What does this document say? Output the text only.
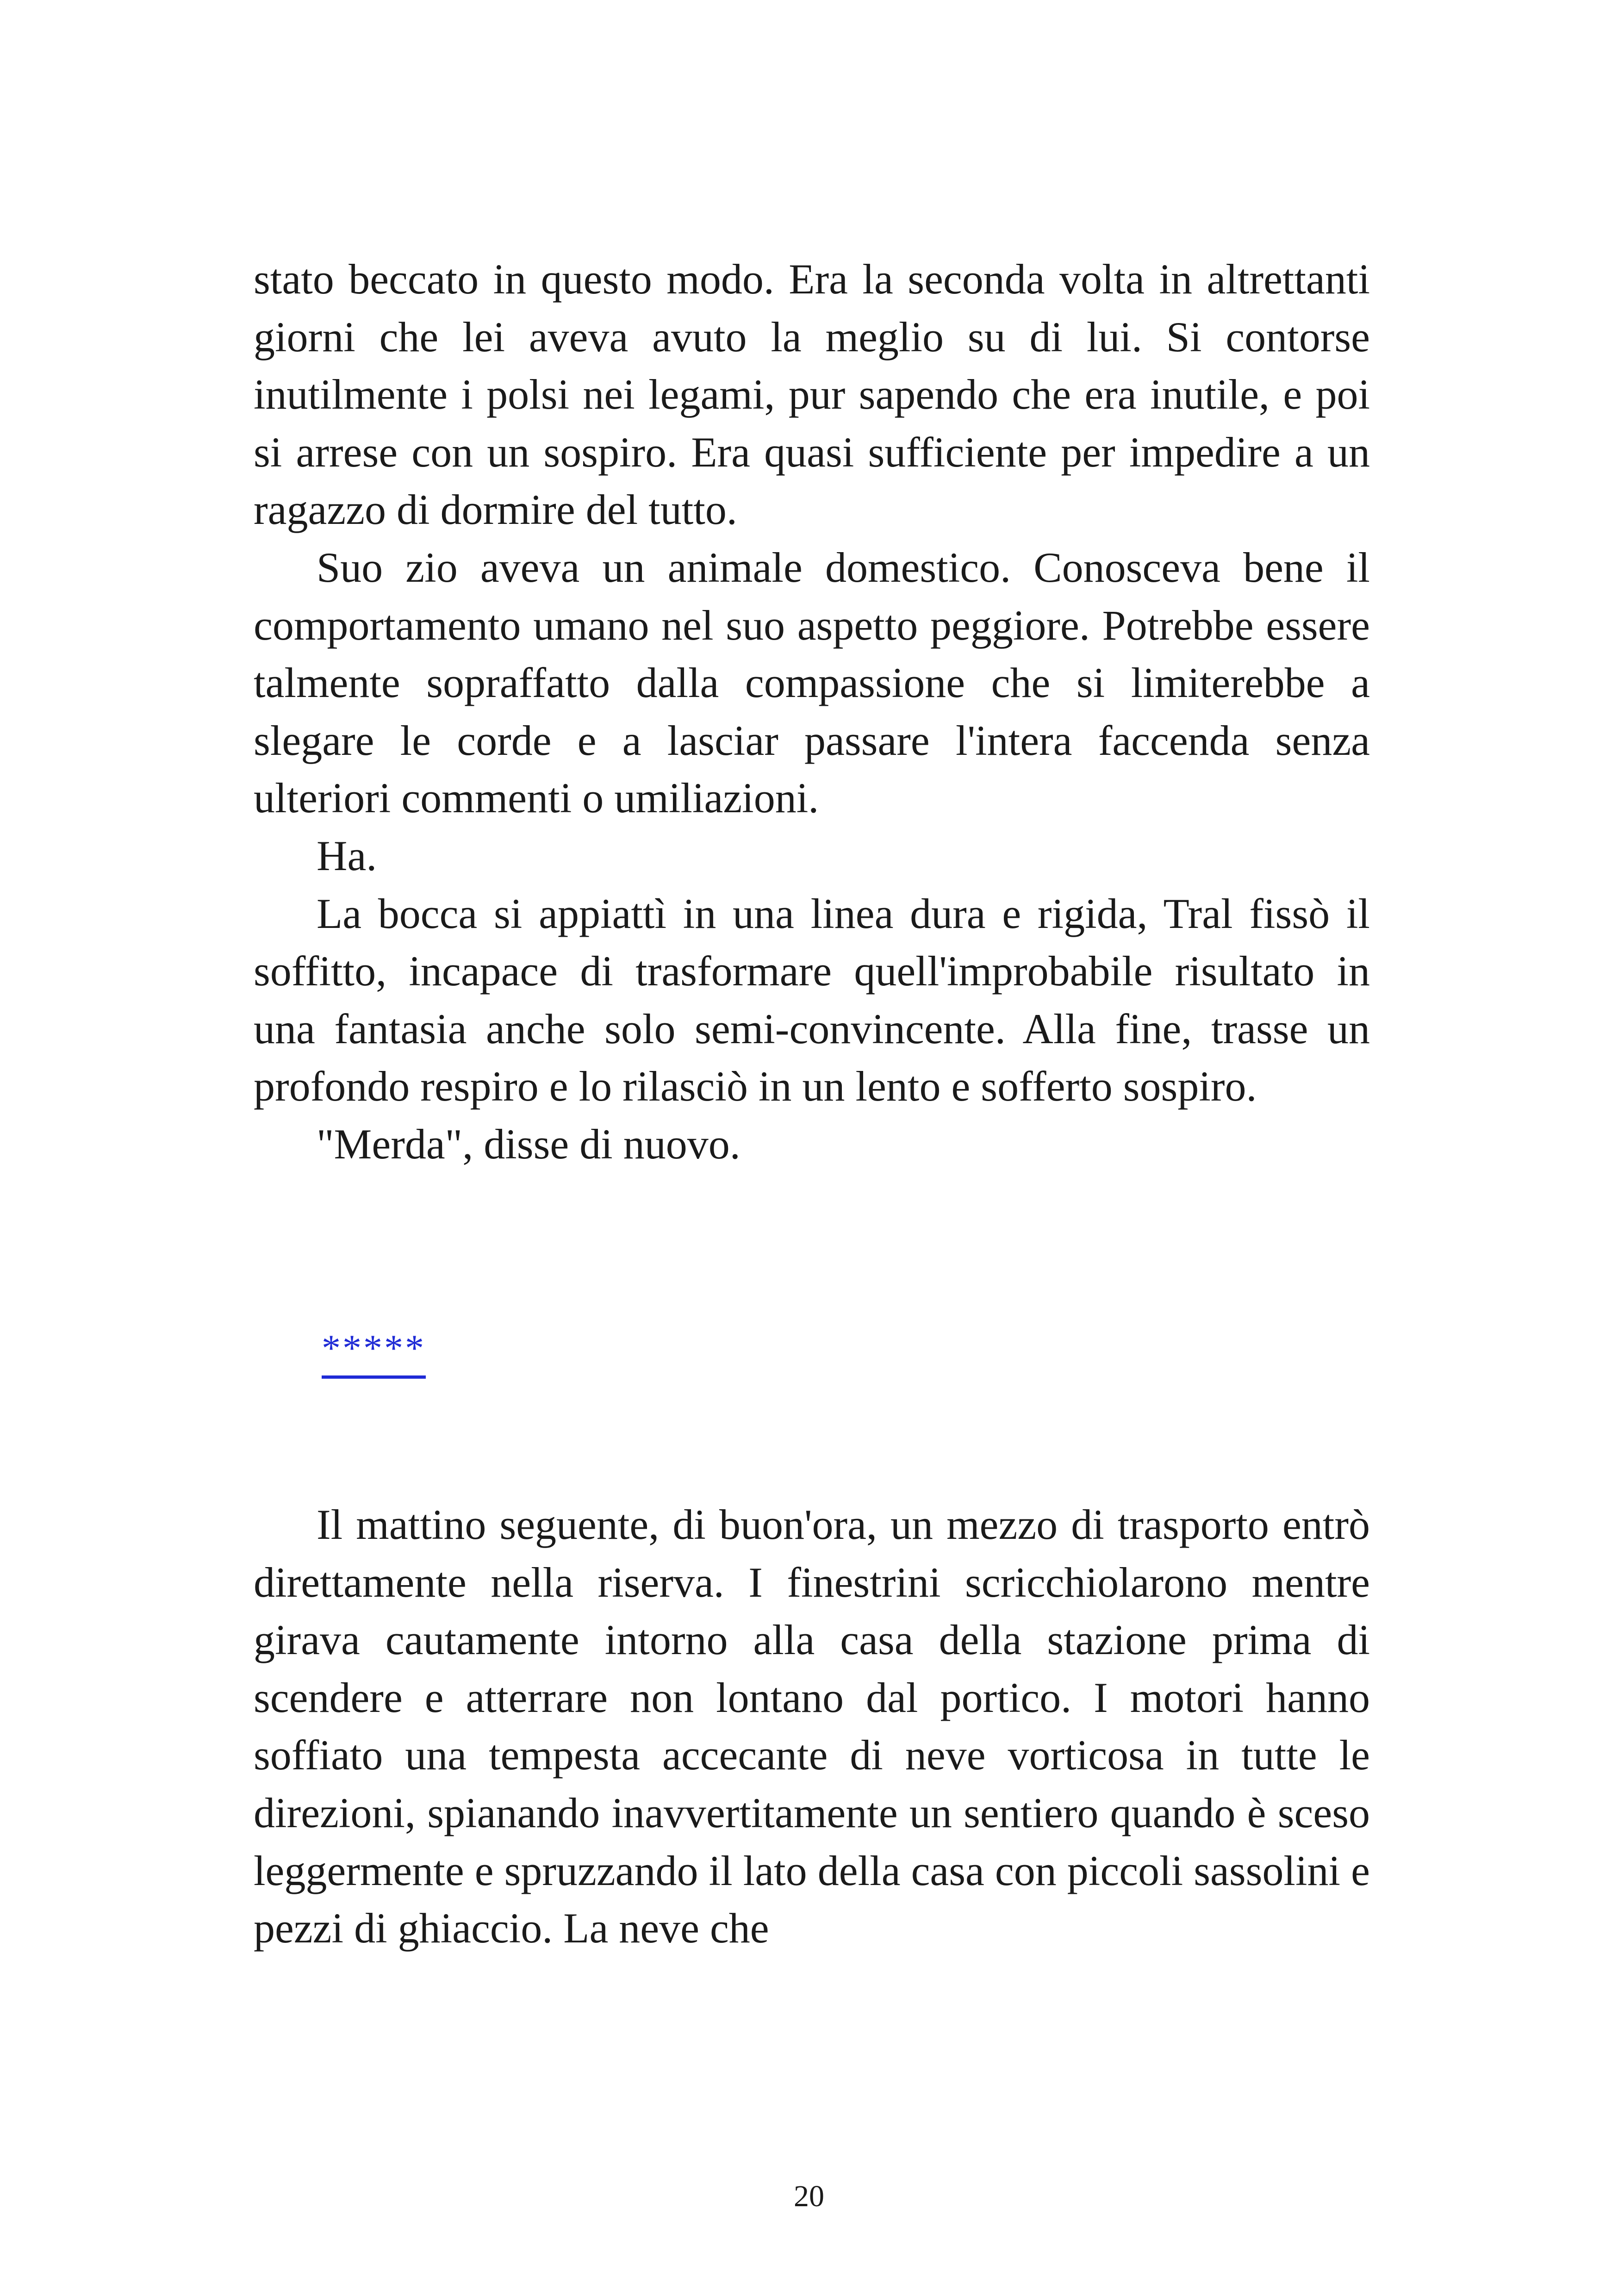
stato beccato in questo modo. Era la seconda volta in altrettanti giorni che lei aveva avuto la meglio su di lui. Si contorse inutilmente i polsi nei legami, pur sapendo che era inutile, e poi si arrese con un sospiro. Era quasi sufficiente per impedire a un ragazzo di dormire del tutto.

Suo zio aveva un animale domestico. Conosceva bene il comportamento umano nel suo aspetto peggiore. Potrebbe essere talmente sopraffatto dalla compassione che si limiterebbe a slegare le corde e a lasciar passare l'intera faccenda senza ulteriori commenti o umiliazioni.

Ha.

La bocca si appiattì in una linea dura e rigida, Tral fissò il soffitto, incapace di trasformare quell'improbabile risultato in una fantasia anche solo semi-convincente. Alla fine, trasse un profondo respiro e lo rilasciò in un lento e sofferto sospiro.

"Merda", disse di nuovo.

*****

Il mattino seguente, di buon'ora, un mezzo di trasporto entrò direttamente nella riserva. I finestrini scricchiolarono mentre girava cautamente intorno alla casa della stazione prima di scendere e atterrare non lontano dal portico. I motori hanno soffiato una tempesta accecante di neve vorticosa in tutte le direzioni, spianando inavvertitamente un sentiero quando è sceso leggermente e spruzzando il lato della casa con piccoli sassolini e pezzi di ghiaccio. La neve che

20
